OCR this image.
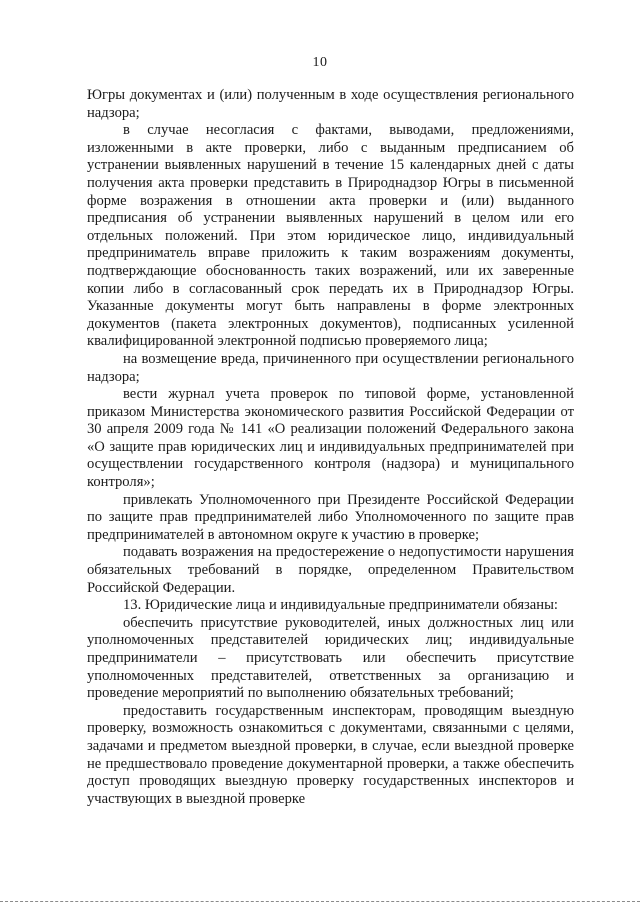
10

Югры документах и (или) полученным в ходе осуществления регионального надзора;

в случае несогласия с фактами, выводами, предложениями, изложенными в акте проверки, либо с выданным предписанием об устранении выявленных нарушений в течение 15 календарных дней с даты получения акта проверки представить в Природнадзор Югры в письменной форме возражения в отношении акта проверки и (или) выданного предписания об устранении выявленных нарушений в целом или его отдельных положений. При этом юридическое лицо, индивидуальный предприниматель вправе приложить к таким возражениям документы, подтверждающие обоснованность таких возражений, или их заверенные копии либо в согласованный срок передать их в Природнадзор Югры. Указанные документы могут быть направлены в форме электронных документов (пакета электронных документов), подписанных усиленной квалифицированной электронной подписью проверяемого лица;

на возмещение вреда, причиненного при осуществлении регионального надзора;

вести журнал учета проверок по типовой форме, установленной приказом Министерства экономического развития Российской Федерации от 30 апреля 2009 года № 141 «О реализации положений Федерального закона «О защите прав юридических лиц и индивидуальных предпринимателей при осуществлении государственного контроля (надзора) и муниципального контроля»;

привлекать Уполномоченного при Президенте Российской Федерации по защите прав предпринимателей либо Уполномоченного по защите прав предпринимателей в автономном округе к участию в проверке;

подавать возражения на предостережение о недопустимости нарушения обязательных требований в порядке, определенном Правительством Российской Федерации.

13. Юридические лица и индивидуальные предприниматели обязаны:

обеспечить присутствие руководителей, иных должностных лиц или уполномоченных представителей юридических лиц; индивидуальные предприниматели – присутствовать или обеспечить присутствие уполномоченных представителей, ответственных за организацию и проведение мероприятий по выполнению обязательных требований;

предоставить государственным инспекторам, проводящим выездную проверку, возможность ознакомиться с документами, связанными с целями, задачами и предметом выездной проверки, в случае, если выездной проверке не предшествовало проведение документарной проверки, а также обеспечить доступ проводящих выездную проверку государственных инспекторов и участвующих в выездной проверке
